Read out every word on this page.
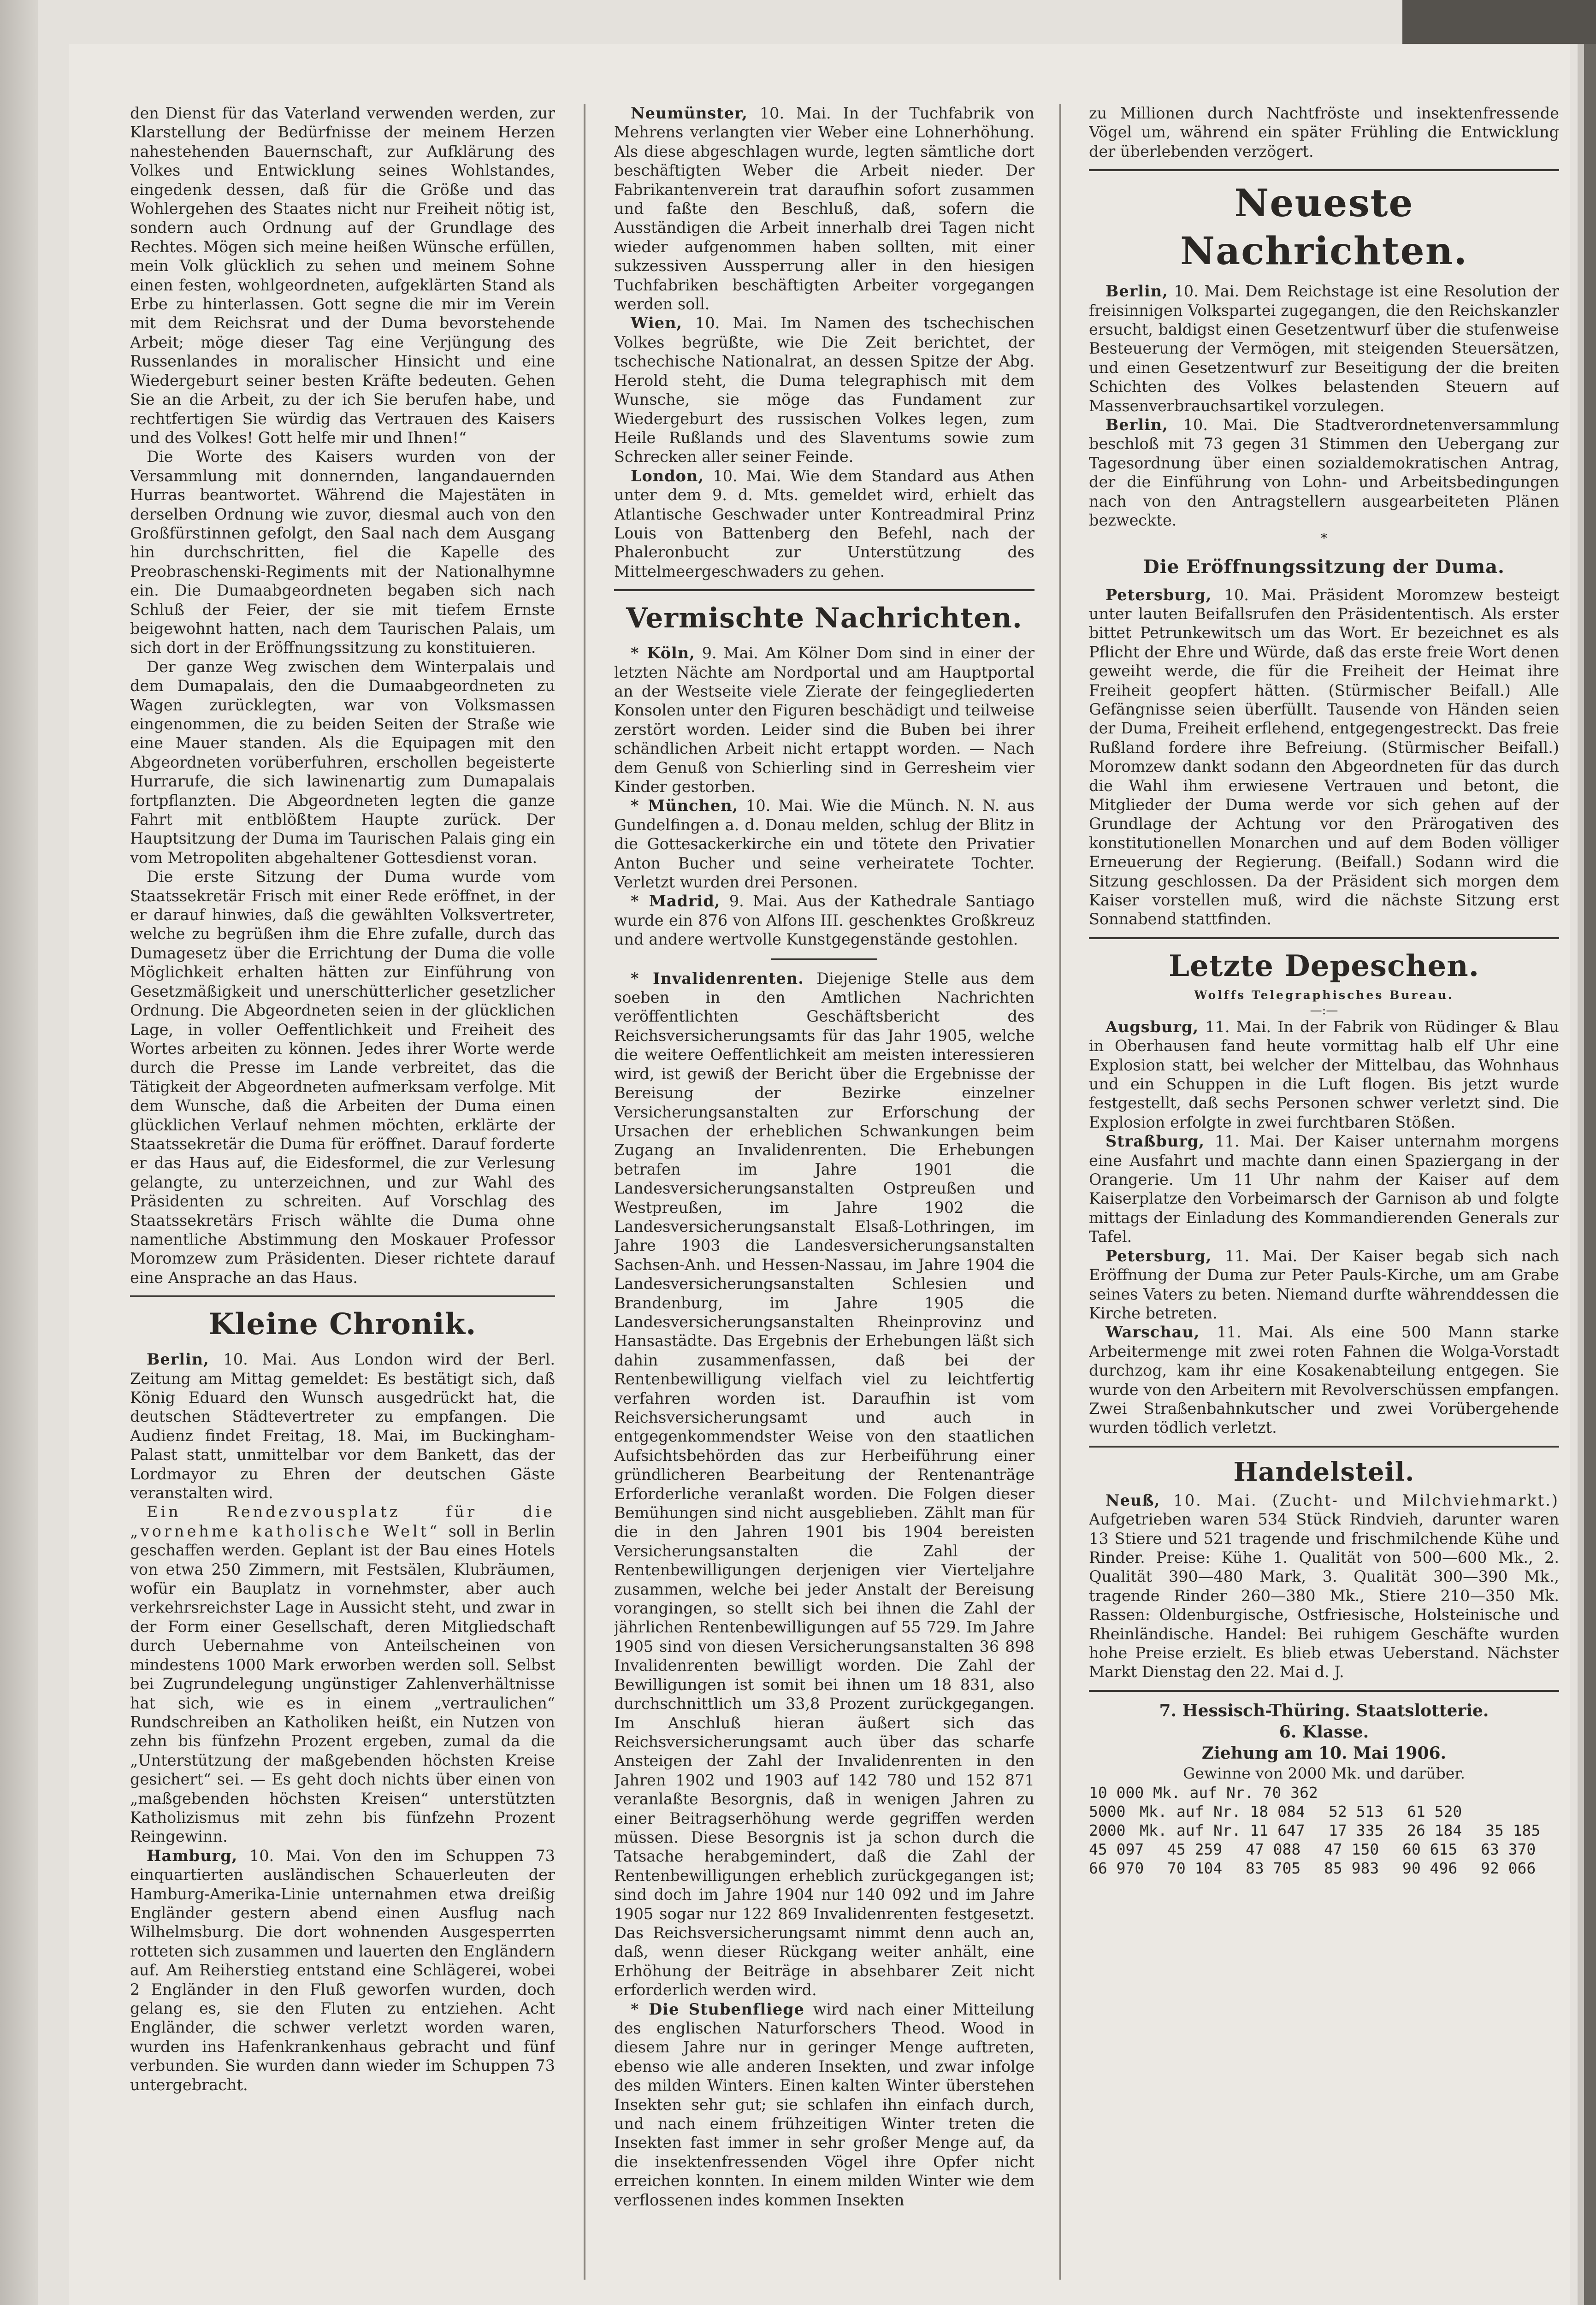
den Dienst für das Vaterland verwenden werden, zur Klarstellung der Bedürfnisse der meinem Herzen nahestehenden Bauernschaft, zur Aufklärung des Volkes und Entwicklung seines Wohlstandes, eingedenk dessen, daß für die Größe und das Wohlergehen des Staates nicht nur Freiheit nötig ist, sondern auch Ordnung auf der Grundlage des Rechtes. Mögen sich meine heißen Wünsche erfüllen, mein Volk glücklich zu sehen und meinem Sohne einen festen, wohlgeordneten, aufgeklärten Stand als Erbe zu hinterlassen. Gott segne die mir im Verein mit dem Reichsrat und der Duma bevorstehende Arbeit; möge dieser Tag eine Verjüngung des Russenlandes in moralischer Hinsicht und eine Wiedergeburt seiner besten Kräfte bedeuten. Gehen Sie an die Arbeit, zu der ich Sie berufen habe, und rechtfertigen Sie würdig das Vertrauen des Kaisers und des Volkes! Gott helfe mir und Ihnen!“

Die Worte des Kaisers wurden von der Versammlung mit donnernden, langandauernden Hurras beantwortet. Während die Majestäten in derselben Ordnung wie zuvor, diesmal auch von den Großfürstinnen gefolgt, den Saal nach dem Ausgang hin durchschritten, fiel die Kapelle des Preobraschenski-Regiments mit der Nationalhymne ein. Die Dumaabgeordneten begaben sich nach Schluß der Feier, der sie mit tiefem Ernste beigewohnt hatten, nach dem Taurischen Palais, um sich dort in der Eröffnungssitzung zu konstituieren.

Der ganze Weg zwischen dem Winterpalais und dem Dumapalais, den die Dumaabgeordneten zu Wagen zurücklegten, war von Volksmassen eingenommen, die zu beiden Seiten der Straße wie eine Mauer standen. Als die Equipagen mit den Abgeordneten vorüberfuhren, erschollen begeisterte Hurrarufe, die sich lawinenartig zum Dumapalais fortpflanzten. Die Abgeordneten legten die ganze Fahrt mit entblößtem Haupte zurück. Der Hauptsitzung der Duma im Taurischen Palais ging ein vom Metropoliten abgehaltener Gottesdienst voran.

Die erste Sitzung der Duma wurde vom Staatssekretär Frisch mit einer Rede eröffnet, in der er darauf hinwies, daß die gewählten Volksvertreter, welche zu begrüßen ihm die Ehre zufalle, durch das Dumagesetz über die Errichtung der Duma die volle Möglichkeit erhalten hätten zur Einführung von Gesetzmäßigkeit und unerschütterlicher gesetzlicher Ordnung. Die Abgeordneten seien in der glücklichen Lage, in voller Oeffentlichkeit und Freiheit des Wortes arbeiten zu können. Jedes ihrer Worte werde durch die Presse im Lande verbreitet, das die Tätigkeit der Abgeordneten aufmerksam verfolge. Mit dem Wunsche, daß die Arbeiten der Duma einen glücklichen Verlauf nehmen möchten, erklärte der Staatssekretär die Duma für eröffnet. Darauf forderte er das Haus auf, die Eidesformel, die zur Verlesung gelangte, zu unterzeichnen, und zur Wahl des Präsidenten zu schreiten. Auf Vorschlag des Staatssekretärs Frisch wählte die Duma ohne namentliche Abstimmung den Moskauer Professor Moromzew zum Präsidenten. Dieser richtete darauf eine Ansprache an das Haus.

Kleine Chronik.

Berlin, 10. Mai. Aus London wird der Berl. Zeitung am Mittag gemeldet: Es bestätigt sich, daß König Eduard den Wunsch ausgedrückt hat, die deutschen Städtevertreter zu empfangen. Die Audienz findet Freitag, 18. Mai, im Buckingham-Palast statt, unmittelbar vor dem Bankett, das der Lordmayor zu Ehren der deutschen Gäste veranstalten wird.

Ein Rendezvousplatz für die „vornehme katholische Welt“ soll in Berlin geschaffen werden. Geplant ist der Bau eines Hotels von etwa 250 Zimmern, mit Festsälen, Klubräumen, wofür ein Bauplatz in vornehmster, aber auch verkehrsreichster Lage in Aussicht steht, und zwar in der Form einer Gesellschaft, deren Mitgliedschaft durch Uebernahme von Anteilscheinen von mindestens 1000 Mark erworben werden soll. Selbst bei Zugrundelegung ungünstiger Zahlenverhältnisse hat sich, wie es in einem „vertraulichen“ Rundschreiben an Katholiken heißt, ein Nutzen von zehn bis fünfzehn Prozent ergeben, zumal da die „Unterstützung der maßgebenden höchsten Kreise gesichert“ sei. — Es geht doch nichts über einen von „maßgebenden höchsten Kreisen“ unterstützten Katholizismus mit zehn bis fünfzehn Prozent Reingewinn.

Hamburg, 10. Mai. Von den im Schuppen 73 einquartierten ausländischen Schauerleuten der Hamburg-Amerika-Linie unternahmen etwa dreißig Engländer gestern abend einen Ausflug nach Wilhelmsburg. Die dort wohnenden Ausgesperrten rotteten sich zusammen und lauerten den Engländern auf. Am Reiherstieg entstand eine Schlägerei, wobei 2 Engländer in den Fluß geworfen wurden, doch gelang es, sie den Fluten zu entziehen. Acht Engländer, die schwer verletzt worden waren, wurden ins Hafenkrankenhaus gebracht und fünf verbunden. Sie wurden dann wieder im Schuppen 73 untergebracht.

Neumünster, 10. Mai. In der Tuchfabrik von Mehrens verlangten vier Weber eine Lohnerhöhung. Als diese abgeschlagen wurde, legten sämtliche dort beschäftigten Weber die Arbeit nieder. Der Fabrikantenverein trat daraufhin sofort zusammen und faßte den Beschluß, daß, sofern die Ausständigen die Arbeit innerhalb drei Tagen nicht wieder aufgenommen haben sollten, mit einer sukzessiven Aussperrung aller in den hiesigen Tuchfabriken beschäftigten Arbeiter vorgegangen werden soll.

Wien, 10. Mai. Im Namen des tschechischen Volkes begrüßte, wie Die Zeit berichtet, der tschechische Nationalrat, an dessen Spitze der Abg. Herold steht, die Duma telegraphisch mit dem Wunsche, sie möge das Fundament zur Wiedergeburt des russischen Volkes legen, zum Heile Rußlands und des Slaventums sowie zum Schrecken aller seiner Feinde.

London, 10. Mai. Wie dem Standard aus Athen unter dem 9. d. Mts. gemeldet wird, erhielt das Atlantische Geschwader unter Kontreadmiral Prinz Louis von Battenberg den Befehl, nach der Phaleronbucht zur Unterstützung des Mittelmeergeschwaders zu gehen.

Vermischte Nachrichten.

* Köln, 9. Mai. Am Kölner Dom sind in einer der letzten Nächte am Nordportal und am Hauptportal an der Westseite viele Zierate der feingegliederten Konsolen unter den Figuren beschädigt und teilweise zerstört worden. Leider sind die Buben bei ihrer schändlichen Arbeit nicht ertappt worden. — Nach dem Genuß von Schierling sind in Gerresheim vier Kinder gestorben.

* München, 10. Mai. Wie die Münch. N. N. aus Gundelfingen a. d. Donau melden, schlug der Blitz in die Gottesackerkirche ein und tötete den Privatier Anton Bucher und seine verheiratete Tochter. Verletzt wurden drei Personen.

* Madrid, 9. Mai. Aus der Kathedrale Santiago wurde ein 876 von Alfons III. geschenktes Großkreuz und andere wertvolle Kunstgegenstände gestohlen.

* Invalidenrenten. Diejenige Stelle aus dem soeben in den Amtlichen Nachrichten veröffentlichten Geschäftsbericht des Reichsversicherungsamts für das Jahr 1905, welche die weitere Oeffentlichkeit am meisten interessieren wird, ist gewiß der Bericht über die Ergebnisse der Bereisung der Bezirke einzelner Versicherungsanstalten zur Erforschung der Ursachen der erheblichen Schwankungen beim Zugang an Invalidenrenten. Die Erhebungen betrafen im Jahre 1901 die Landesversicherungsanstalten Ostpreußen und Westpreußen, im Jahre 1902 die Landesversicherungsanstalt Elsaß-Lothringen, im Jahre 1903 die Landesversicherungsanstalten Sachsen-Anh. und Hessen-Nassau, im Jahre 1904 die Landesversicherungsanstalten Schlesien und Brandenburg, im Jahre 1905 die Landesversicherungsanstalten Rheinprovinz und Hansastädte. Das Ergebnis der Erhebungen läßt sich dahin zusammenfassen, daß bei der Rentenbewilligung vielfach viel zu leichtfertig verfahren worden ist. Daraufhin ist vom Reichsversicherungsamt und auch in entgegenkommendster Weise von den staatlichen Aufsichtsbehörden das zur Herbeiführung einer gründlicheren Bearbeitung der Rentenanträge Erforderliche veranlaßt worden. Die Folgen dieser Bemühungen sind nicht ausgeblieben. Zählt man für die in den Jahren 1901 bis 1904 bereisten Versicherungsanstalten die Zahl der Rentenbewilligungen derjenigen vier Vierteljahre zusammen, welche bei jeder Anstalt der Bereisung vorangingen, so stellt sich bei ihnen die Zahl der jährlichen Rentenbewilligungen auf 55 729. Im Jahre 1905 sind von diesen Versicherungsanstalten 36 898 Invalidenrenten bewilligt worden. Die Zahl der Bewilligungen ist somit bei ihnen um 18 831, also durchschnittlich um 33,8 Prozent zurückgegangen. Im Anschluß hieran äußert sich das Reichsversicherungsamt auch über das scharfe Ansteigen der Zahl der Invalidenrenten in den Jahren 1902 und 1903 auf 142 780 und 152 871 veranlaßte Besorgnis, daß in wenigen Jahren zu einer Beitragserhöhung werde gegriffen werden müssen. Diese Besorgnis ist ja schon durch die Tatsache herabgemindert, daß die Zahl der Rentenbewilligungen erheblich zurückgegangen ist; sind doch im Jahre 1904 nur 140 092 und im Jahre 1905 sogar nur 122 869 Invalidenrenten festgesetzt. Das Reichsversicherungsamt nimmt denn auch an, daß, wenn dieser Rückgang weiter anhält, eine Erhöhung der Beiträge in absehbarer Zeit nicht erforderlich werden wird.

* Die Stubenfliege wird nach einer Mitteilung des englischen Naturforschers Theod. Wood in diesem Jahre nur in geringer Menge auftreten, ebenso wie alle anderen Insekten, und zwar infolge des milden Winters. Einen kalten Winter überstehen Insekten sehr gut; sie schlafen ihn einfach durch, und nach einem frühzeitigen Winter treten die Insekten fast immer in sehr großer Menge auf, da die insektenfressenden Vögel ihre Opfer nicht erreichen konnten. In einem milden Winter wie dem verflossenen indes kommen Insekten

zu Millionen durch Nachtfröste und insektenfressende Vögel um, während ein später Frühling die Entwicklung der überlebenden verzögert.

Neueste Nachrichten.

Berlin, 10. Mai. Dem Reichstage ist eine Resolution der freisinnigen Volkspartei zugegangen, die den Reichskanzler ersucht, baldigst einen Gesetzentwurf über die stufenweise Besteuerung der Vermögen, mit steigenden Steuersätzen, und einen Gesetzentwurf zur Beseitigung der die breiten Schichten des Volkes belastenden Steuern auf Massenverbrauchsartikel vorzulegen.

Berlin, 10. Mai. Die Stadtverordnetenversammlung beschloß mit 73 gegen 31 Stimmen den Uebergang zur Tagesordnung über einen sozialdemokratischen Antrag, der die Einführung von Lohn- und Arbeitsbedingungen nach von den Antragstellern ausgearbeiteten Plänen bezweckte.

*
Die Eröffnungssitzung der Duma.

Petersburg, 10. Mai. Präsident Moromzew besteigt unter lauten Beifallsrufen den Präsidententisch. Als erster bittet Petrunkewitsch um das Wort. Er bezeichnet es als Pflicht der Ehre und Würde, daß das erste freie Wort denen geweiht werde, die für die Freiheit der Heimat ihre Freiheit geopfert hätten. (Stürmischer Beifall.) Alle Gefängnisse seien überfüllt. Tausende von Händen seien der Duma, Freiheit erflehend, entgegengestreckt. Das freie Rußland fordere ihre Befreiung. (Stürmischer Beifall.) Moromzew dankt sodann den Abgeordneten für das durch die Wahl ihm erwiesene Vertrauen und betont, die Mitglieder der Duma werde vor sich gehen auf der Grundlage der Achtung vor den Prärogativen des konstitutionellen Monarchen und auf dem Boden völliger Erneuerung der Regierung. (Beifall.) Sodann wird die Sitzung geschlossen. Da der Präsident sich morgen dem Kaiser vorstellen muß, wird die nächste Sitzung erst Sonnabend stattfinden.

Letzte Depeschen.
Wolffs Telegraphisches Bureau.
—:—

Augsburg, 11. Mai. In der Fabrik von Rüdinger & Blau in Oberhausen fand heute vormittag halb elf Uhr eine Explosion statt, bei welcher der Mittelbau, das Wohnhaus und ein Schuppen in die Luft flogen. Bis jetzt wurde festgestellt, daß sechs Personen schwer verletzt sind. Die Explosion erfolgte in zwei furchtbaren Stößen.

Straßburg, 11. Mai. Der Kaiser unternahm morgens eine Ausfahrt und machte dann einen Spaziergang in der Orangerie. Um 11 Uhr nahm der Kaiser auf dem Kaiserplatze den Vorbeimarsch der Garnison ab und folgte mittags der Einladung des Kommandierenden Generals zur Tafel.

Petersburg, 11. Mai. Der Kaiser begab sich nach Eröffnung der Duma zur Peter Pauls-Kirche, um am Grabe seines Vaters zu beten. Niemand durfte währenddessen die Kirche betreten.

Warschau, 11. Mai. Als eine 500 Mann starke Arbeitermenge mit zwei roten Fahnen die Wolga-Vorstadt durchzog, kam ihr eine Kosakenabteilung entgegen. Sie wurde von den Arbeitern mit Revolverschüssen empfangen. Zwei Straßenbahnkutscher und zwei Vorübergehende wurden tödlich verletzt.

Handelsteil.

Neuß, 10. Mai. (Zucht- und Milchviehmarkt.) Aufgetrieben waren 534 Stück Rindvieh, darunter waren 13 Stiere und 521 tragende und frischmilchende Kühe und Rinder. Preise: Kühe 1. Qualität von 500—600 Mk., 2. Qualität 390—480 Mark, 3. Qualität 300—390 Mk., tragende Rinder 260—380 Mk., Stiere 210—350 Mk. Rassen: Oldenburgische, Ostfriesische, Holsteinische und Rheinländische. Handel: Bei ruhigem Geschäfte wurden hohe Preise erzielt. Es blieb etwas Ueberstand. Nächster Markt Dienstag den 22. Mai d. J.

7. Hessisch-Thüring. Staatslotterie.
6. Klasse.
Ziehung am 10. Mai 1906.
Gewinne von 2000 Mk. und darüber.
10 000 Mk. auf Nr. 70 362
5000 Mk. auf Nr. 18 084	52 513	61 520
2000 Mk. auf Nr. 11 647	17 335	26 184	35 185
45 097	45 259	47 088	47 150	60 615	63 370
66 970	70 104	83 705	85 983	90 496	92 066
